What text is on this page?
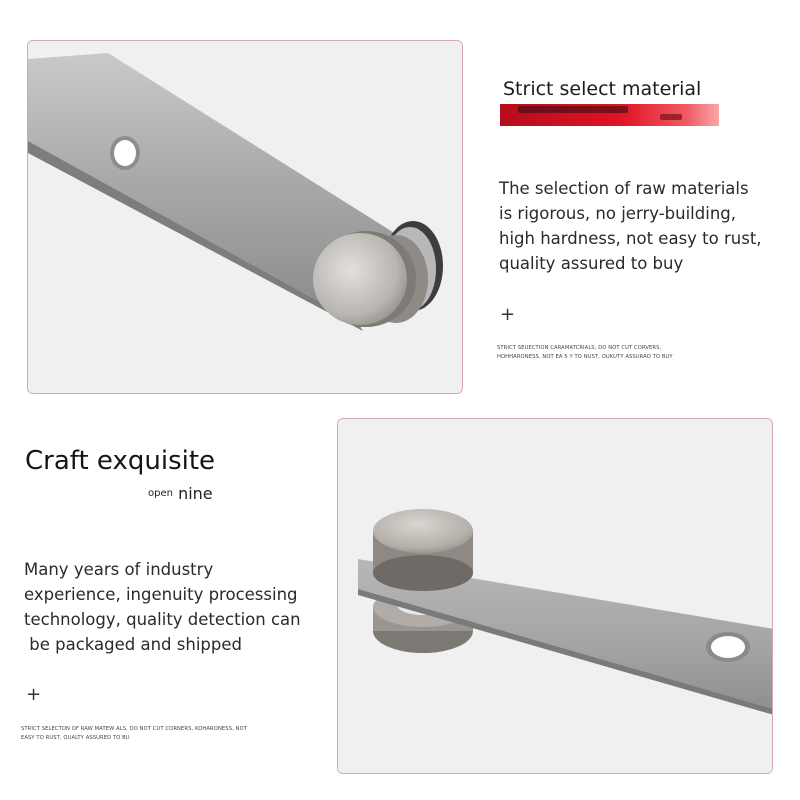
Strict select material
The selection of raw materials
is rigorous, no jerry-building,
high hardness, not easy to rust,
quality assured to buy
+
STRICT SEUECTION CARAMATCRIALS, DO NOT CUT CORVERS,
HOHHARONESS, NOT EA 5 Y TO NUST, OUKUTY ASSURAO TO BUY
Craft exquisite
open nine
Many years of industry
experience, ingenuity processing
technology, quality detection can
be packaged and shipped
+
STRICT SELECTON OF RAW MATEW ALS, DO NOT CUT CORNERS, KOHARONESS, NOT
EASY TO RUST, QUALTY ASSURED TO BU
